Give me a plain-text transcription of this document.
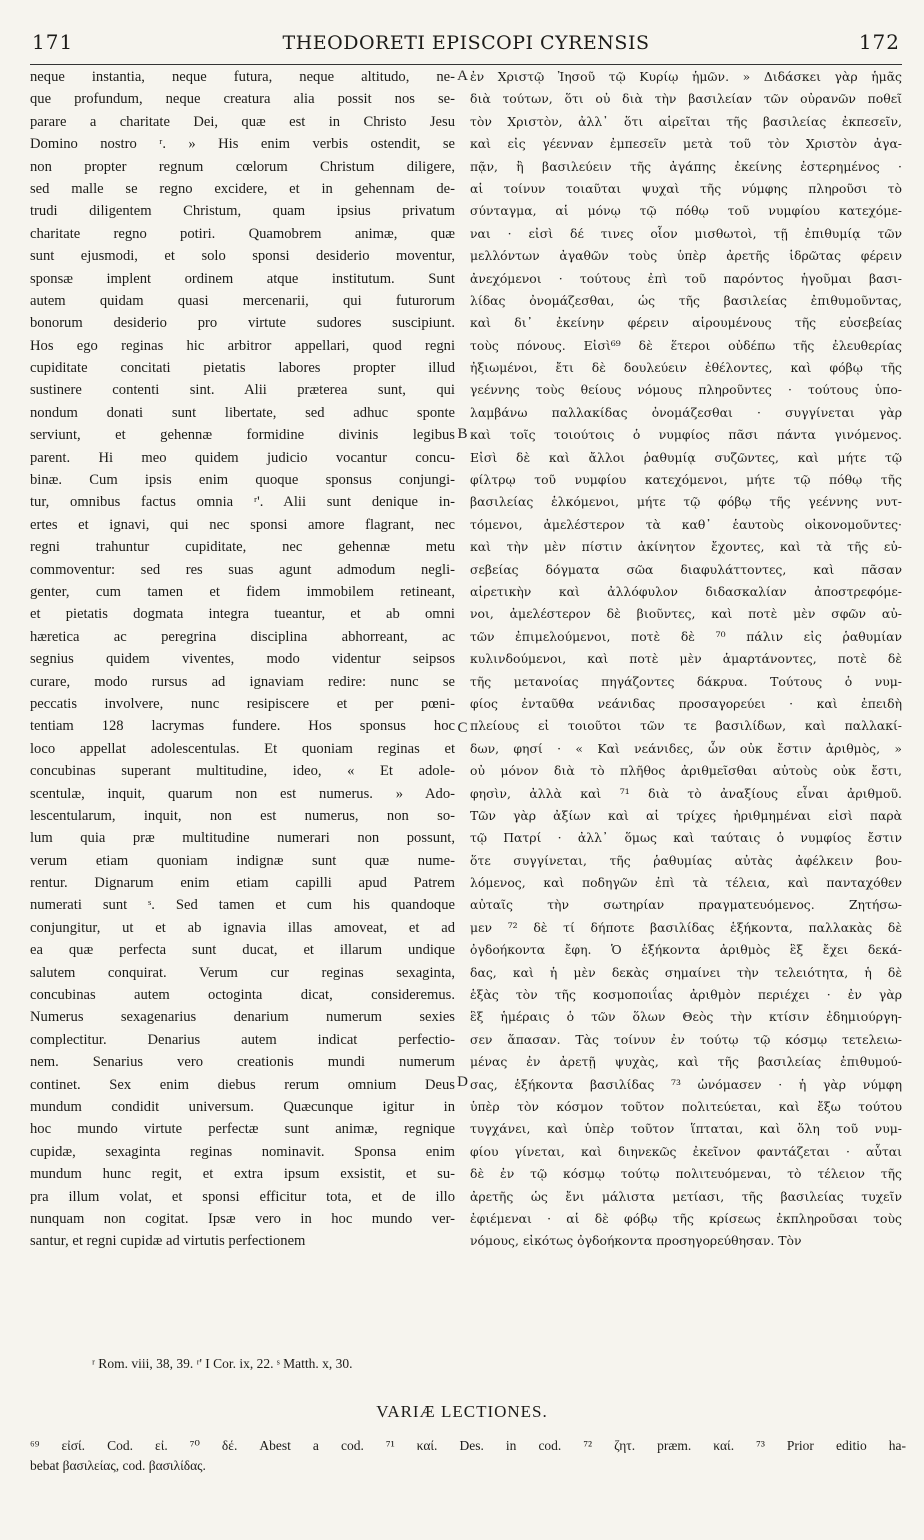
171	THEODORETI EPISCOPI CYRENSIS	172
neque instantia, neque futura, neque altitudo, ne-
que profundum, neque creatura alia possit nos se-
parare a charitate Dei, quæ est in Christo Jesu
Domino nostro ʳ. » His enim verbis ostendit, se
non propter regnum cœlorum Christum diligere,
sed malle se regno excidere, et in gehennam de-
trudi diligentem Christum, quam ipsius privatum
charitate regno potiri. Quamobrem animæ, quæ
sunt ejusmodi, et solo sponsi desiderio moventur,
sponsæ implent ordinem atque institutum. Sunt
autem quidam quasi mercenarii, qui futurorum
bonorum desiderio pro virtute sudores suscipiunt.
Hos ego reginas hic arbitror appellari, quod regni
cupiditate concitati pietatis labores propter illud
sustinere contenti sint. Alii præterea sunt, qui
nondum donati sunt libertate, sed adhuc sponte
serviunt, et gehennæ formidine divinis legibus
parent. Hi meo quidem judicio vocantur concu-
binæ. Cum ipsis enim quoque sponsus conjungi-
tur, omnibus factus omnia ʳ'. Alii sunt denique in-
ertes et ignavi, qui nec sponsi amore flagrant, nec
regni trahuntur cupiditate, nec gehennæ metu
commoventur: sed res suas agunt admodum negli-
genter, cum tamen et fidem immobilem retineant,
et pietatis dogmata integra tueantur, et ab omni
hæretica ac peregrina disciplina abhorreant, ac
segnius quidem viventes, modo videntur seipsos
curare, modo rursus ad ignaviam redire: nunc se
peccatis involvere, nunc resipiscere et per pœni-
tentiam 128 lacrymas fundere. Hos sponsus hoc
loco appellat adolescentulas. Et quoniam reginas et
concubinas superant multitudine, ideo, « Et adole-
scentulæ, inquit, quarum non est numerus. » Ado-
lescentularum, inquit, non est numerus, non so-
lum quia præ multitudine numerari non possunt,
verum etiam quoniam indignæ sunt quæ nume-
rentur. Dignarum enim etiam capilli apud Patrem
numerati sunt ˢ. Sed tamen et cum his quandoque
conjungitur, ut et ab ignavia illas amoveat, et ad
ea quæ perfecta sunt ducat, et illarum undique
salutem conquirat. Verum cur reginas sexaginta,
concubinas autem octoginta dicat, consideremus.
Numerus sexagenarius denarium numerum sexies
complectitur. Denarius autem indicat perfectio-
nem. Senarius vero creationis mundi numerum
continet. Sex enim diebus rerum omnium Deus
mundum condidit universum. Quæcunque igitur in
hoc mundo virtute perfectæ sunt animæ, regnique
cupidæ, sexaginta reginas nominavit. Sponsa enim
mundum hunc regit, et extra ipsum exsistit, et su-
pra illum volat, et sponsi efficitur tota, et de illo
nunquam non cogitat. Ipsæ vero in hoc mundo ver-
santur, et regni cupidæ ad virtutis perfectionem
ἐν Χριστῷ Ἰησοῦ τῷ Κυρίῳ ἡμῶν. » Διδάσκει γὰρ ἡμᾶς
διὰ τούτων, ὅτι οὐ διὰ τὴν βασιλείαν τῶν οὐρανῶν ποθεῖ
τὸν Χριστὸν, ἀλλ᾽ ὅτι αἱρεῖται τῆς βασιλείας ἐκπεσεῖν,
καὶ εἰς γέενναν ἐμπεσεῖν μετὰ τοῦ τὸν Χριστὸν ἀγα-
πᾷν, ἢ βασιλεύειν τῆς ἀγάπης ἐκείνης ἐστερημένος ·
αἱ τοίνυν τοιαῦται ψυχαὶ τῆς νύμφης πληροῦσι τὸ
σύνταγμα, αἱ μόνῳ τῷ πόθῳ τοῦ νυμφίου κατεχόμε-
ναι · εἰσὶ δέ τινες οἷον μισθωτοὶ, τῇ ἐπιθυμίᾳ τῶν
μελλόντων ἀγαθῶν τοὺς ὑπὲρ ἀρετῆς ἱδρῶτας φέρειν
ἀνεχόμενοι · τούτους ἐπὶ τοῦ παρόντος ἡγοῦμαι βασι-
λίδας ὀνομάζεσθαι, ὡς τῆς βασιλείας ἐπιθυμοῦντας,
καὶ δι᾽ ἐκείνην φέρειν αἱρουμένους τῆς εὐσεβείας
τοὺς πόνους. Εἰσὶ⁶⁹ δὲ ἕτεροι οὐδέπω τῆς ἐλευθερίας
ἠξιωμένοι, ἔτι δὲ δουλεύειν ἐθέλοντες, καὶ φόβῳ τῆς
γεέννης τοὺς θείους νόμους πληροῦντες · τούτους ὑπο-
λαμβάνω παλλακίδας ὀνομάζεσθαι · συγγίνεται γὰρ
καὶ τοῖς τοιούτοις ὁ νυμφίος πᾶσι πάντα γινόμενος.
Εἰσὶ δὲ καὶ ἄλλοι ῥαθυμίᾳ συζῶντες, καὶ μήτε τῷ
φίλτρῳ τοῦ νυμφίου κατεχόμενοι, μήτε τῷ πόθῳ τῆς
βασιλείας ἑλκόμενοι, μήτε τῷ φόβῳ τῆς γεέννης νυτ-
τόμενοι, ἀμελέστερον τὰ καθ᾽ ἑαυτοὺς οἰκονομοῦντες·
καὶ τὴν μὲν πίστιν ἀκίνητον ἔχοντες, καὶ τὰ τῆς εὐ-
σεβείας δόγματα σῶα διαφυλάττοντες, καὶ πᾶσαν
αἱρετικὴν καὶ ἀλλόφυλον διδασκαλίαν ἀποστρεφόμε-
νοι, ἀμελέστερον δὲ βιοῦντες, καὶ ποτὲ μὲν σφῶν αὐ-
τῶν ἐπιμελούμενοι, ποτὲ δὲ ⁷⁰ πάλιν εἰς ῥαθυμίαν
κυλινδούμενοι, καὶ ποτὲ μὲν ἁμαρτάνοντες, ποτὲ δὲ
τῆς μετανοίας πηγάζοντες δάκρυα. Τούτους ὁ νυμ-
φίος ἐνταῦθα νεάνιδας προσαγορεύει · καὶ ἐπειδὴ
πλείους εἰ τοιοῦτοι τῶν τε βασιλίδων, καὶ παλλακί-
δων, φησί · « Καὶ νεάνιδες, ὧν οὐκ ἔστιν ἀριθμὸς, »
οὐ μόνον διὰ τὸ πλῆθος ἀριθμεῖσθαι αὐτοὺς οὐκ ἔστι,
φησὶν, ἀλλὰ καὶ ⁷¹ διὰ τὸ ἀναξίους εἶναι ἀριθμοῦ.
Τῶν γὰρ ἀξίων καὶ αἱ τρίχες ἠριθμημέναι εἰσὶ παρὰ
τῷ Πατρί · ἀλλ᾽ ὅμως καὶ ταύταις ὁ νυμφίος ἔστιν
ὅτε συγγίνεται, τῆς ῥαθυμίας αὐτὰς ἀφέλκειν βου-
λόμενος, καὶ ποδηγῶν ἐπὶ τὰ τέλεια, καὶ πανταχόθεν
αὐταῖς τὴν σωτηρίαν πραγματευόμενος. Ζητήσω-
μεν ⁷² δὲ τί δήποτε βασιλίδας ἑξήκοντα, παλλακὰς δὲ
ὀγδοήκοντα ἔφη. Ὁ ἑξήκοντα ἀριθμὸς ἓξ ἔχει δεκά-
δας, καὶ ἡ μὲν δεκὰς σημαίνει τὴν τελειότητα, ἡ δὲ
ἑξὰς τὸν τῆς κοσμοποιΐας ἀριθμὸν περιέχει · ἐν γὰρ
ἓξ ἡμέραις ὁ τῶν ὅλων Θεὸς τὴν κτίσιν ἐδημιούργη-
σεν ἅπασαν. Τὰς τοίνυν ἐν τούτῳ τῷ κόσμῳ τετελειω-
μένας ἐν ἀρετῇ ψυχὰς, καὶ τῆς βασιλείας ἐπιθυμού-
σας, ἑξήκοντα βασιλίδας ⁷³ ὠνόμασεν · ἡ γὰρ νύμφη
ὑπὲρ τὸν κόσμον τοῦτον πολιτεύεται, καὶ ἔξω τούτου
τυγχάνει, καὶ ὑπὲρ τοῦτον ἵπταται, καὶ ὅλη τοῦ νυμ-
φίου γίνεται, καὶ διηνεκῶς ἐκεῖνον φαντάζεται · αὗται
δὲ ἐν τῷ κόσμῳ τούτῳ πολιτευόμεναι, τὸ τέλειον τῆς
ἀρετῆς ὡς ἔνι μάλιστα μετίασι, τῆς βασιλείας τυχεῖν
ἐφιέμεναι · αἱ δὲ φόβῳ τῆς κρίσεως ἐκπληροῦσαι τοὺς
νόμους, εἰκότως ὀγδοήκοντα προσηγορεύθησαν. Τὸν
A
B
C
D
ʳ Rom. viii, 38, 39. ʳ' I Cor. ix, 22. ˢ Matth. x, 30.
VARIÆ LECTIONES.
⁶⁹ εἰσί. Cod. εἰ. ⁷⁰ δέ. Abest a cod. ⁷¹ καί. Des. in cod. ⁷² ζητ. præm. καί. ⁷³ Prior editio ha-
bebat βασιλείας, cod. βασιλίδας.
